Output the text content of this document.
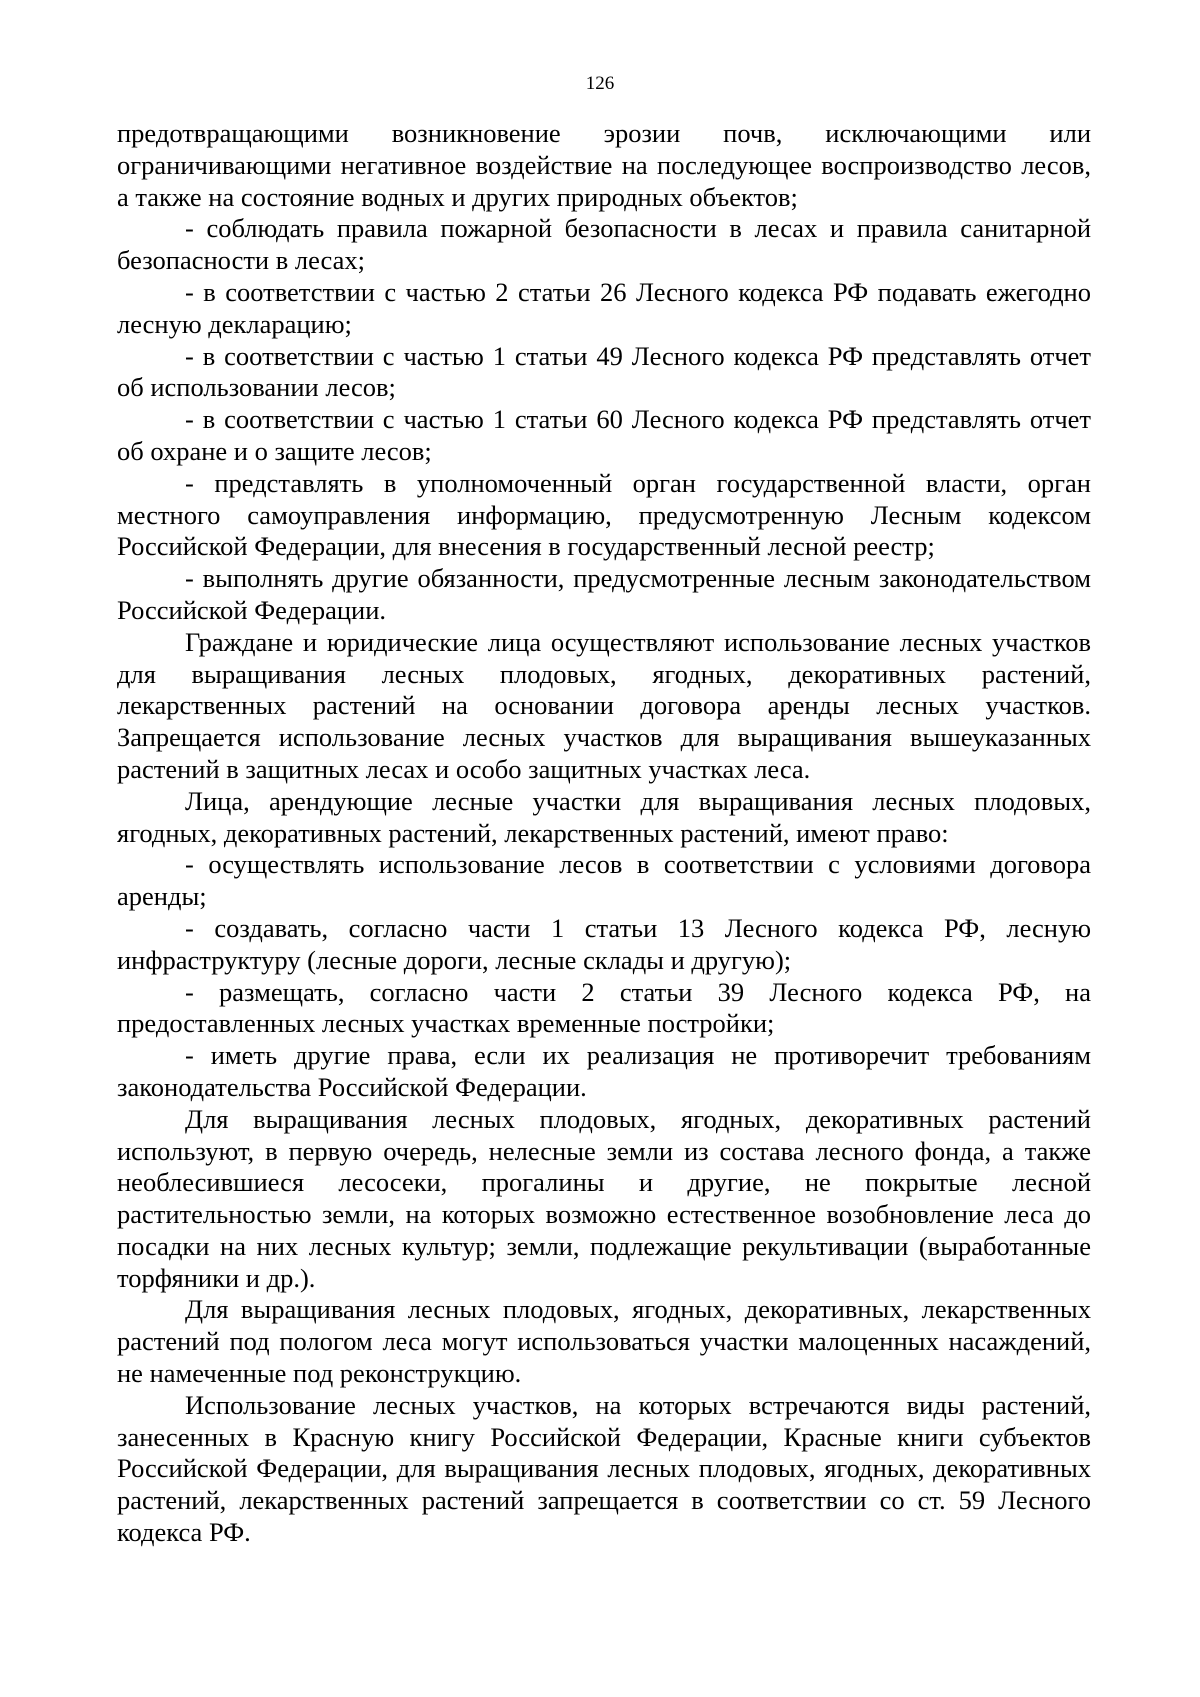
126

предотвращающими возникновение эрозии почв, исключающими или ограничивающими негативное воздействие на последующее воспроизводство лесов, а также на состояние водных и других природных объектов;

- соблюдать правила пожарной безопасности в лесах и правила санитарной безопасности в лесах;

- в соответствии с частью 2 статьи 26 Лесного кодекса РФ подавать ежегодно лесную декларацию;

- в соответствии с частью 1 статьи 49 Лесного кодекса РФ представлять отчет об использовании лесов;

- в соответствии с частью 1 статьи 60 Лесного кодекса РФ представлять отчет об охране и о защите лесов;

- представлять в уполномоченный орган государственной власти, орган местного самоуправления информацию, предусмотренную Лесным кодексом Российской Федерации, для внесения в государственный лесной реестр;

- выполнять другие обязанности, предусмотренные лесным законодательством Российской Федерации.

Граждане и юридические лица осуществляют использование лесных участков для выращивания лесных плодовых, ягодных, декоративных растений, лекарственных растений на основании договора аренды лесных участков. Запрещается использование лесных участков для выращивания вышеуказанных растений в защитных лесах и особо защитных участках леса.

Лица, арендующие лесные участки для выращивания лесных плодовых, ягодных, декоративных растений, лекарственных растений, имеют право:

- осуществлять использование лесов в соответствии с условиями договора аренды;

- создавать, согласно части 1 статьи 13 Лесного кодекса РФ, лесную инфраструктуру (лесные дороги, лесные склады и другую);

- размещать, согласно части 2 статьи 39 Лесного кодекса РФ, на предоставленных лесных участках временные постройки;

- иметь другие права, если их реализация не противоречит требованиям законодательства Российской Федерации.

Для выращивания лесных плодовых, ягодных, декоративных растений используют, в первую очередь, нелесные земли из состава лесного фонда, а также необлесившиеся лесосеки, прогалины и другие, не покрытые лесной растительностью земли, на которых возможно естественное возобновление леса до посадки на них лесных культур; земли, подлежащие рекультивации (выработанные торфяники и др.).

Для выращивания лесных плодовых, ягодных, декоративных, лекарственных растений под пологом леса могут использоваться участки малоценных насаждений, не намеченные под реконструкцию.

Использование лесных участков, на которых встречаются виды растений, занесенных в Красную книгу Российской Федерации, Красные книги субъектов Российской Федерации, для выращивания лесных плодовых, ягодных, декоративных растений, лекарственных растений запрещается в соответствии со ст. 59 Лесного кодекса РФ.
